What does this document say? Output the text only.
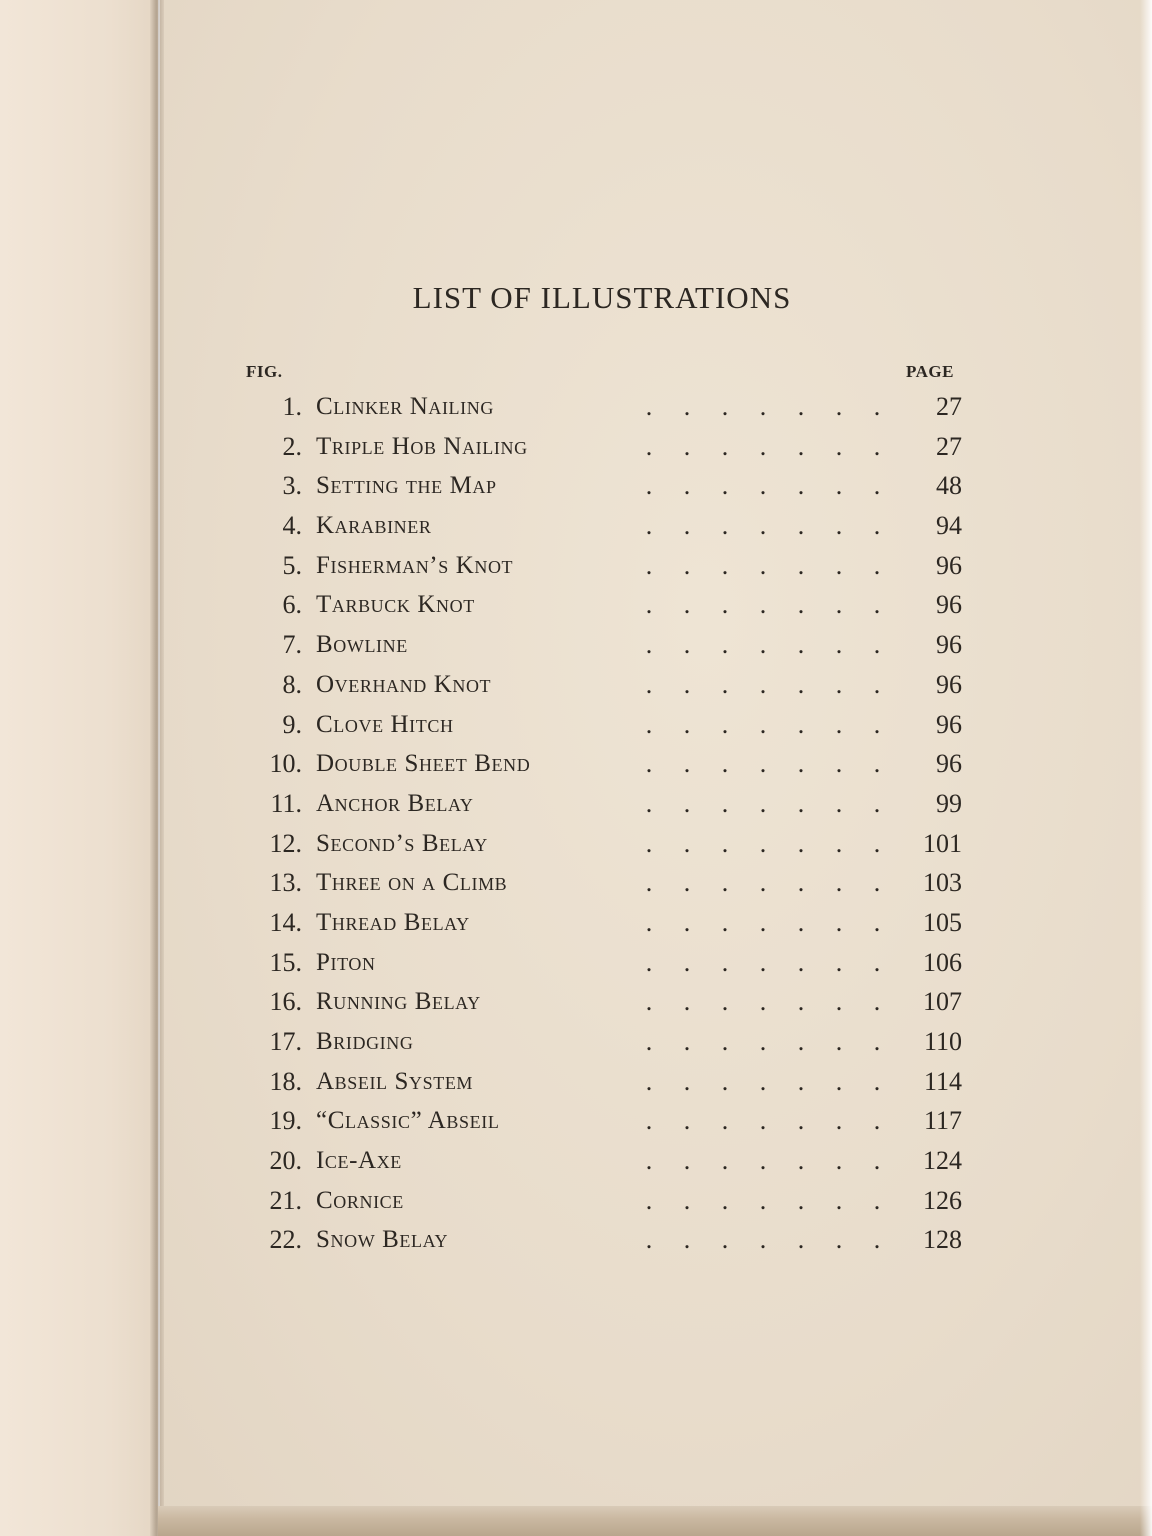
LIST OF ILLUSTRATIONS
FIG.	PAGE
1. Clinker Nailing	. . . . . . . 27
2. Triple Hob Nailing	. . . . . . . 27
3. Setting the Map	. . . . . . . 48
4. Karabiner	. . . . . . . 94
5. Fisherman’s Knot	. . . . . . . 96
6. Tarbuck Knot	. . . . . . . 96
7. Bowline	. . . . . . . 96
8. Overhand Knot	. . . . . . . 96
9. Clove Hitch	. . . . . . . 96
10. Double Sheet Bend	. . . . . . . 96
11. Anchor Belay	. . . . . . . 99
12. Second’s Belay	. . . . . . . 101
13. Three on a Climb	. . . . . . . 103
14. Thread Belay	. . . . . . . 105
15. Piton	. . . . . . . 106
16. Running Belay	. . . . . . . 107
17. Bridging	. . . . . . . 110
18. Abseil System	. . . . . . . 114
19. “Classic” Abseil	. . . . . . . 117
20. Ice-Axe	. . . . . . . 124
21. Cornice	. . . . . . . 126
22. Snow Belay	. . . . . . . 128
